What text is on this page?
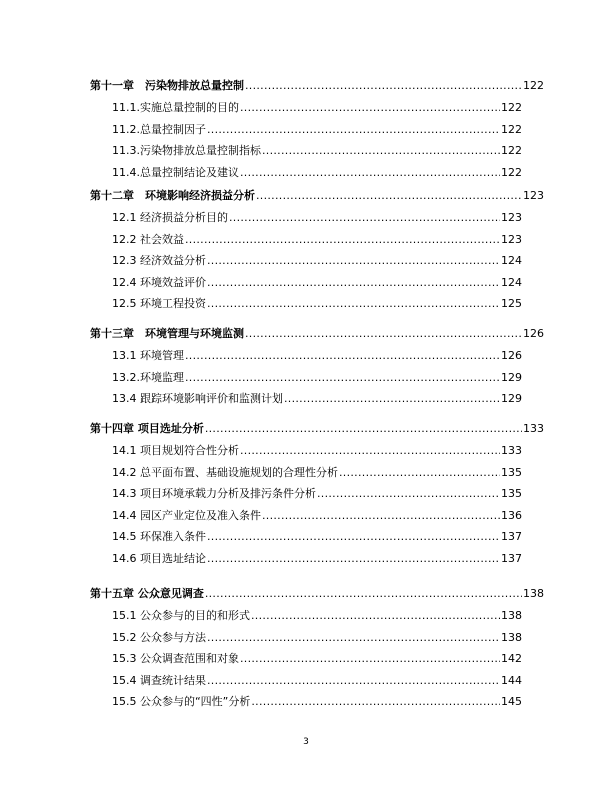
第十一章　污染物排放总量控制 .....	122
11.1.实施总量控制的目的 .....	122
11.2.总量控制因子 .....	122
11.3.污染物排放总量控制指标 .....	122
11.4.总量控制结论及建议 .....	122
第十二章　环境影响经济损益分析 .....	123
12.1 经济损益分析目的 .....	123
12.2 社会效益 .....	123
12.3 经济效益分析 .....	124
12.4 环境效益评价 .....	124
12.5 环境工程投资 .....	125
第十三章　环境管理与环境监测 .....	126
13.1 环境管理 .....	126
13.2.环境监理 .....	129
13.4 跟踪环境影响评价和监测计划 .....	129
第十四章 项目选址分析 .....	133
14.1 项目规划符合性分析 .....	133
14.2 总平面布置、基础设施规划的合理性分析 .....	135
14.3 项目环境承载力分析及排污条件分析 .....	135
14.4 园区产业定位及准入条件 .....	136
14.5 环保准入条件 .....	137
14.6 项目选址结论 .....	137
第十五章 公众意见调查 .....	138
15.1 公众参与的目的和形式 .....	138
15.2 公众参与方法 .....	138
15.3 公众调查范围和对象 .....	142
15.4 调查统计结果 .....	144
15.5 公众参与的“四性”分析 .....	145
3
